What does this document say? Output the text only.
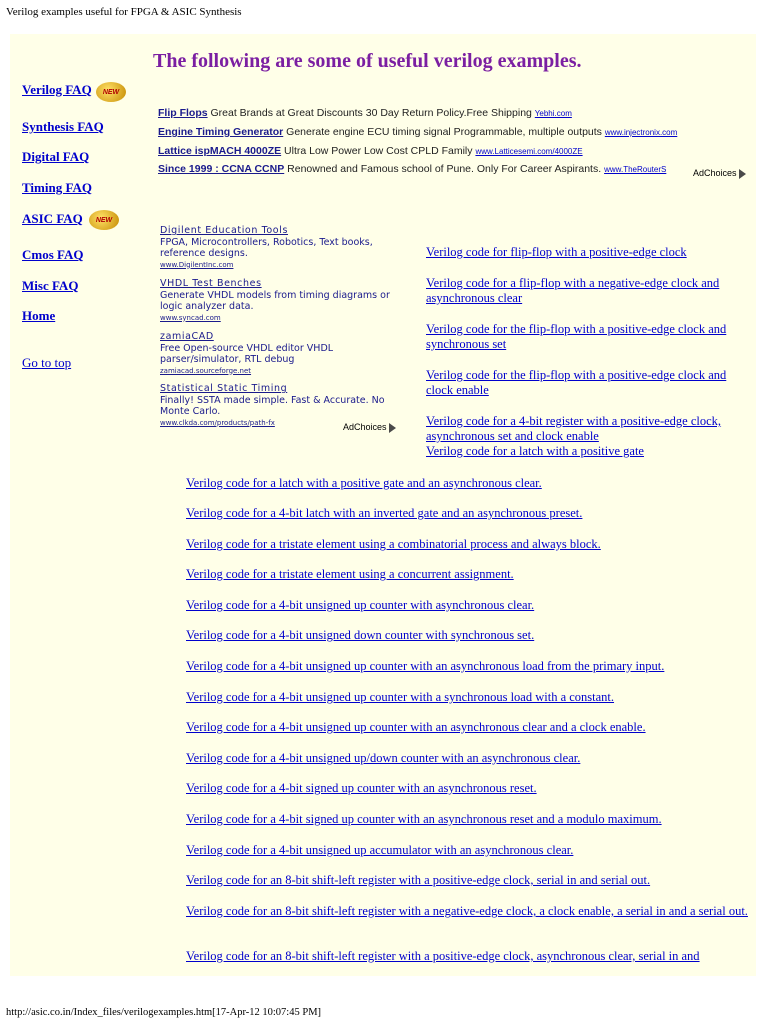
Verilog examples useful for FPGA & ASIC Synthesis
The following are some of useful verilog examples.
Verilog FAQ
Synthesis FAQ
Digital FAQ
Timing FAQ
ASIC FAQ
Cmos FAQ
Misc FAQ
Home
Go to top
NEW
NEW
Flip Flops Great Brands at Great Discounts 30 Day Return Policy.Free Shipping Yebhi.com
Engine Timing Generator Generate engine ECU timing signal Programmable, multiple outputs www.injectronix.com
Lattice ispMACH 4000ZE Ultra Low Power Low Cost CPLD Family www.Latticesemi.com/4000ZE
Since 1999 : CCNA CCNP Renowned and Famous school of Pune. Only For Career Aspirants. www.TheRouterS	AdChoices
Digilent Education Tools
FPGA, Microcontrollers, Robotics, Text books, reference designs.
www.DigilentInc.com
VHDL Test Benches
Generate VHDL models from timing diagrams or logic analyzer data.
www.syncad.com
zamiaCAD
Free Open-source VHDL editor VHDL parser/simulator, RTL debug
zamiacad.sourceforge.net
Statistical Static Timing
Finally! SSTA made simple. Fast & Accurate. No Monte Carlo.
www.clkda.com/products/path-fx	AdChoices
Verilog code for flip-flop with a positive-edge clock
Verilog code for a flip-flop with a negative-edge clock and asynchronous clear
Verilog code for the flip-flop with a positive-edge clock and synchronous set
Verilog code for the flip-flop with a positive-edge clock and clock enable
Verilog code for a 4-bit register with a positive-edge clock, asynchronous set and clock enable
Verilog code for a latch with a positive gate
Verilog code for a latch with a positive gate and an asynchronous clear.
Verilog code for a 4-bit latch with an inverted gate and an asynchronous preset.
Verilog code for a tristate element using a combinatorial process and always block.
Verilog code for a tristate element using a concurrent assignment.
Verilog code for a 4-bit unsigned up counter with asynchronous clear.
Verilog code for a 4-bit unsigned down counter with synchronous set.
Verilog code for a 4-bit unsigned up counter with an asynchronous load from the primary input.
Verilog code for a 4-bit unsigned up counter with a synchronous load with a constant.
Verilog code for a 4-bit unsigned up counter with an asynchronous clear and a clock enable.
Verilog code for a 4-bit unsigned up/down counter with an asynchronous clear.
Verilog code for a 4-bit signed up counter with an asynchronous reset.
Verilog code for a 4-bit signed up counter with an asynchronous reset and a modulo maximum.
Verilog code for a 4-bit unsigned up accumulator with an asynchronous clear.
Verilog code for an 8-bit shift-left register with a positive-edge clock, serial in and serial out.
Verilog code for an 8-bit shift-left register with a negative-edge clock, a clock enable, a serial in and a serial out.
Verilog code for an 8-bit shift-left register with a positive-edge clock, asynchronous clear, serial in and
http://asic.co.in/Index_files/verilogexamples.htm[17-Apr-12 10:07:45 PM]
